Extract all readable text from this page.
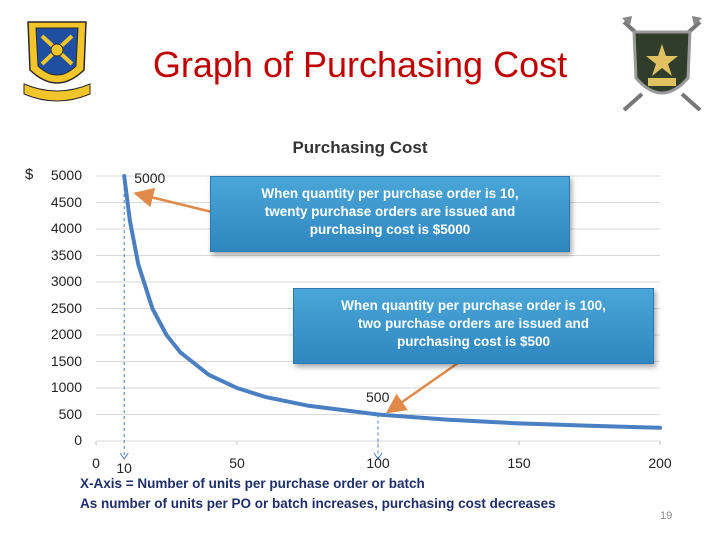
Graph of Purchasing Cost
Purchasing Cost
$
When quantity per purchase order is 10,
twenty purchase orders are issued and
purchasing cost is $5000
When quantity per purchase order is 100,
two purchase orders are issued and
purchasing cost is $500
X-Axis = Number of units per purchase order or batch
As number of units per PO or batch increases, purchasing cost decreases
19
5000
4500
4000
3500
3000
2500
2000
1500
1000
500
0
0	50	100	150	200
5000
500
10
